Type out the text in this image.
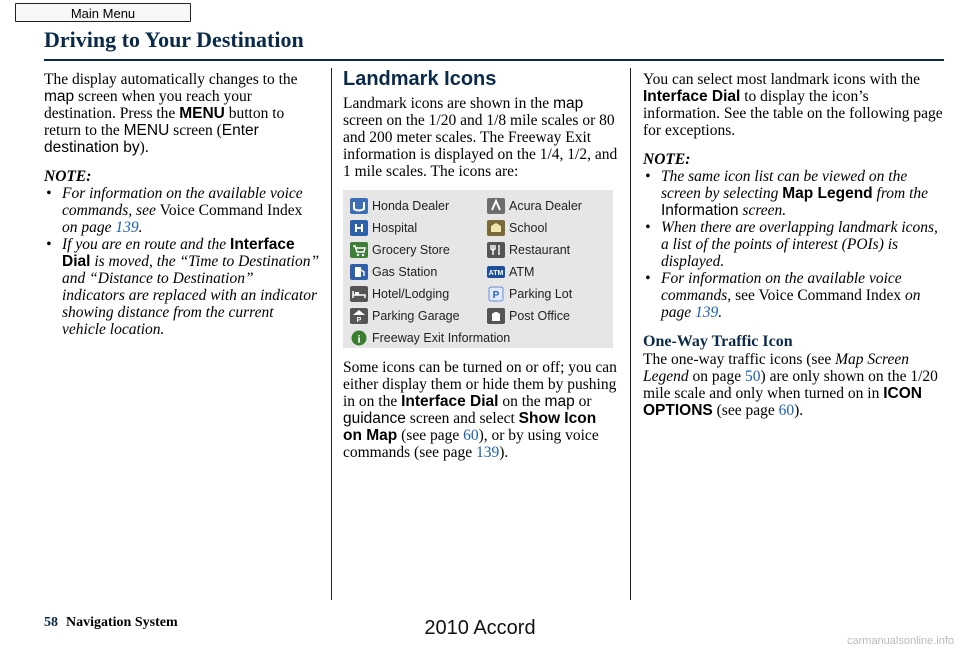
Main Menu
Driving to Your Destination

The display automatically changes to the map screen when you reach your destination. Press the MENU button to return to the MENU screen (Enter destination by).

NOTE:

• For information on the available voice commands, see Voice Command Index on page 139.
• If you are en route and the Interface Dial is moved, the “Time to Destination” and “Distance to Destination” indicators are replaced with an indicator showing distance from the current vehicle location.
Landmark Icons

Landmark icons are shown in the map screen on the 1/20 and 1/8 mile scales or 80 and 200 meter scales. The Freeway Exit information is displayed on the 1/4, 1/2, and 1 mile scales. The icons are:

Honda Dealer	Acura Dealer
Hospital	School
Grocery Store	Restaurant
Gas Station	ATM ATM
Hotel/Lodging	P Parking Lot
P Parking Garage	Post Office
i Freeway Exit Information

Some icons can be turned on or off; you can either display them or hide them by pushing in on the Interface Dial on the map or guidance screen and select Show Icon on Map (see page 60), or by using voice commands (see page 139).

You can select most landmark icons with the Interface Dial to display the icon’s information. See the table on the following page for exceptions.

NOTE:

• The same icon list can be viewed on the screen by selecting Map Legend from the Information screen.
• When there are overlapping landmark icons, a list of the points of interest (POIs) is displayed.
• For information on the available voice commands, see Voice Command Index on page 139.
One-Way Traffic Icon

The one-way traffic icons (see Map Screen Legend on page 50) are only shown on the 1/20 mile scale and only when turned on in ICON OPTIONS (see page 60).

58 Navigation System	2010 Accord
carmanualsonline.info
